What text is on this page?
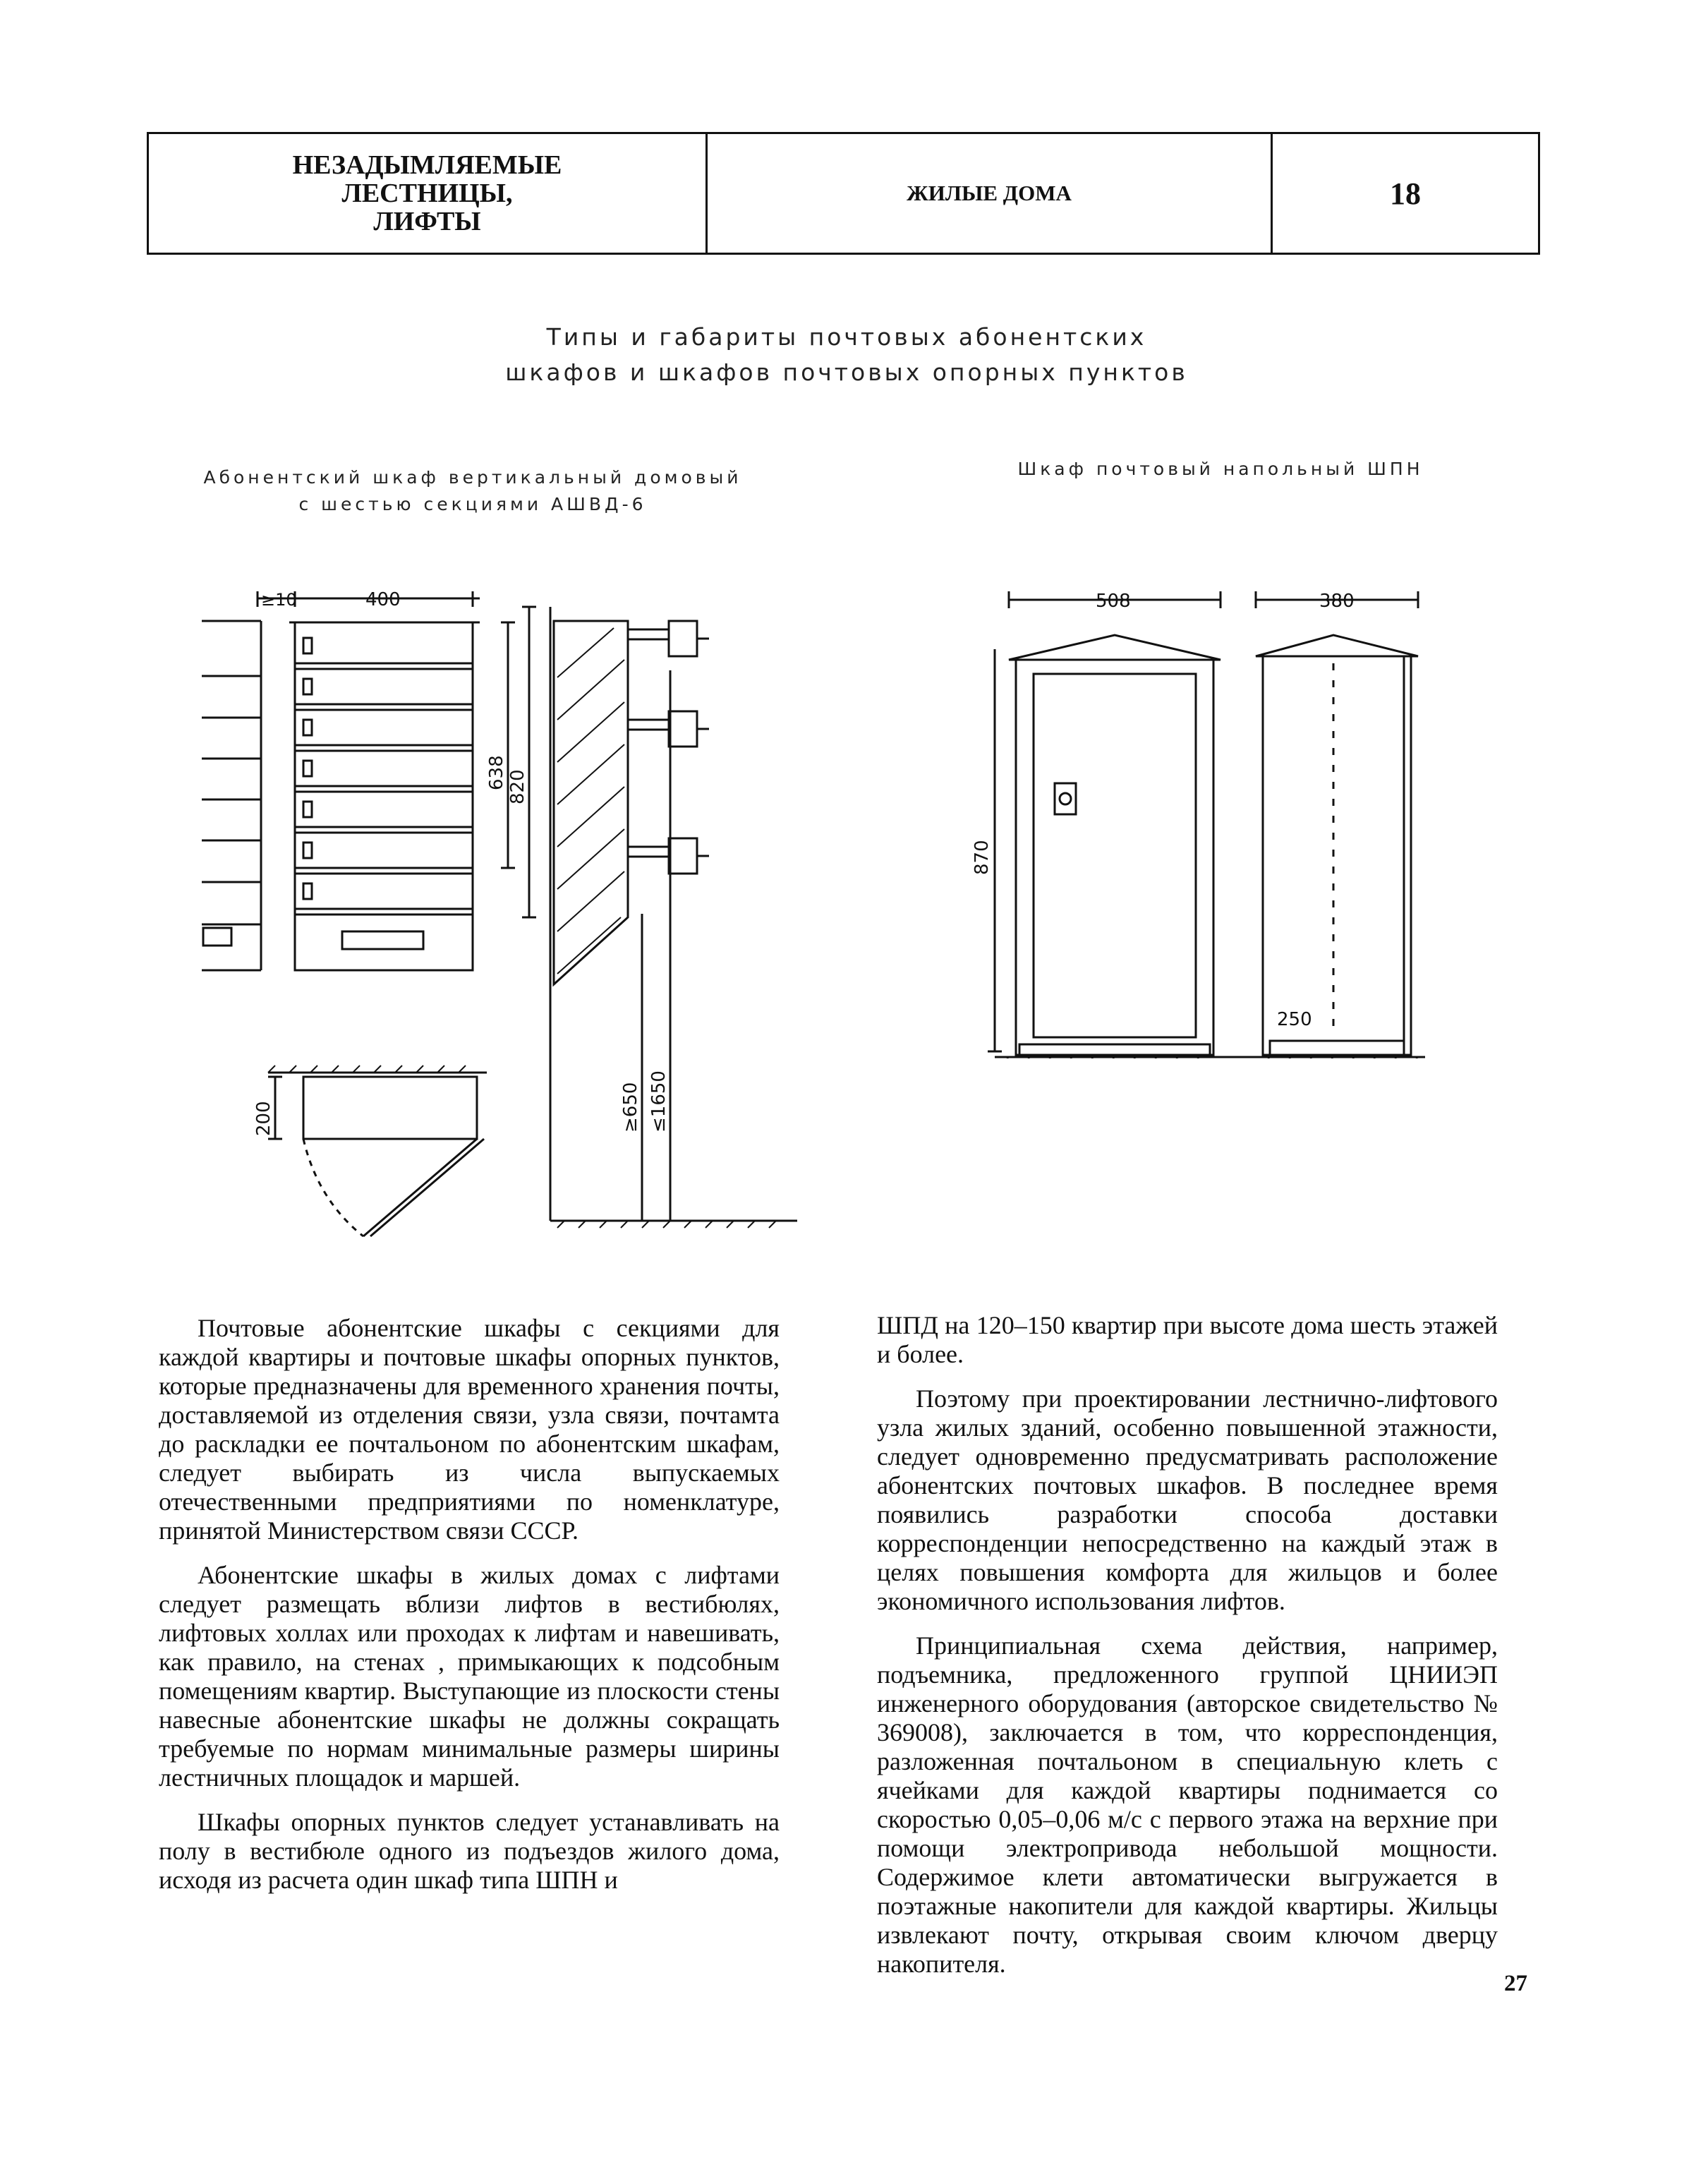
НЕЗАДЫМЛЯЕМЫЕ
ЛЕСТНИЦЫ,
ЛИФТЫ
ЖИЛЫЕ ДОМА	18
Типы и габариты почтовых абонентских
шкафов и шкафов почтовых опорных пунктов
Абонентский шкаф вертикальный домовый
с шестью секциями АШВД-6
Шкаф почтовый напольный ШПН
≥10	400
638 820
200	≥650 ≤1650
508	380
870
250

Почтовые абонентские шкафы с секциями для каждой квартиры и почтовые шкафы опорных пунктов, которые предназначены для временного хранения почты, доставляемой из отделения связи, узла связи, почтамта до раскладки ее почтальоном по абонентским шкафам, следует выбирать из числа выпускаемых отечественными предприятиями по номенклатуре, принятой Министерством связи СССР.

Абонентские шкафы в жилых домах с лифтами следует размещать вблизи лифтов в вестибюлях, лифтовых холлах или проходах к лифтам и навешивать, как правило, на стенах , примыкающих к подсобным помещениям квартир. Выступающие из плоскости стены навесные абонентские шкафы не должны сокращать требуемые по нормам минимальные размеры ширины лестничных площадок и маршей.

Шкафы опорных пунктов следует устанавливать на полу в вестибюле одного из подъездов жилого дома, исходя из расчета один шкаф типа ШПН и

ШПД на 120–150 квартир при высоте дома шесть этажей и более.

Поэтому при проектировании лестнично-лифтового узла жилых зданий, особенно повышенной этажности, следует одновременно предусматривать расположение абонентских почтовых шкафов. В последнее время появились разработки способа доставки корреспонденции непосредственно на каждый этаж в целях повышения комфорта для жильцов и более экономичного использования лифтов.

Принципиальная схема действия, например, подъемника, предложенного группой ЦНИИЭП инженерного оборудования (авторское свидетельство № 369008), заключается в том, что корреспонденция, разложенная почтальоном в специальную клеть с ячейками для каждой квартиры поднимается со скоростью 0,05–0,06 м/с с первого этажа на верхние при помощи электропривода небольшой мощности. Содержимое клети автоматически выгружается в поэтажные накопители для каждой квартиры. Жильцы извлекают почту, открывая своим ключом дверцу накопителя.

27
